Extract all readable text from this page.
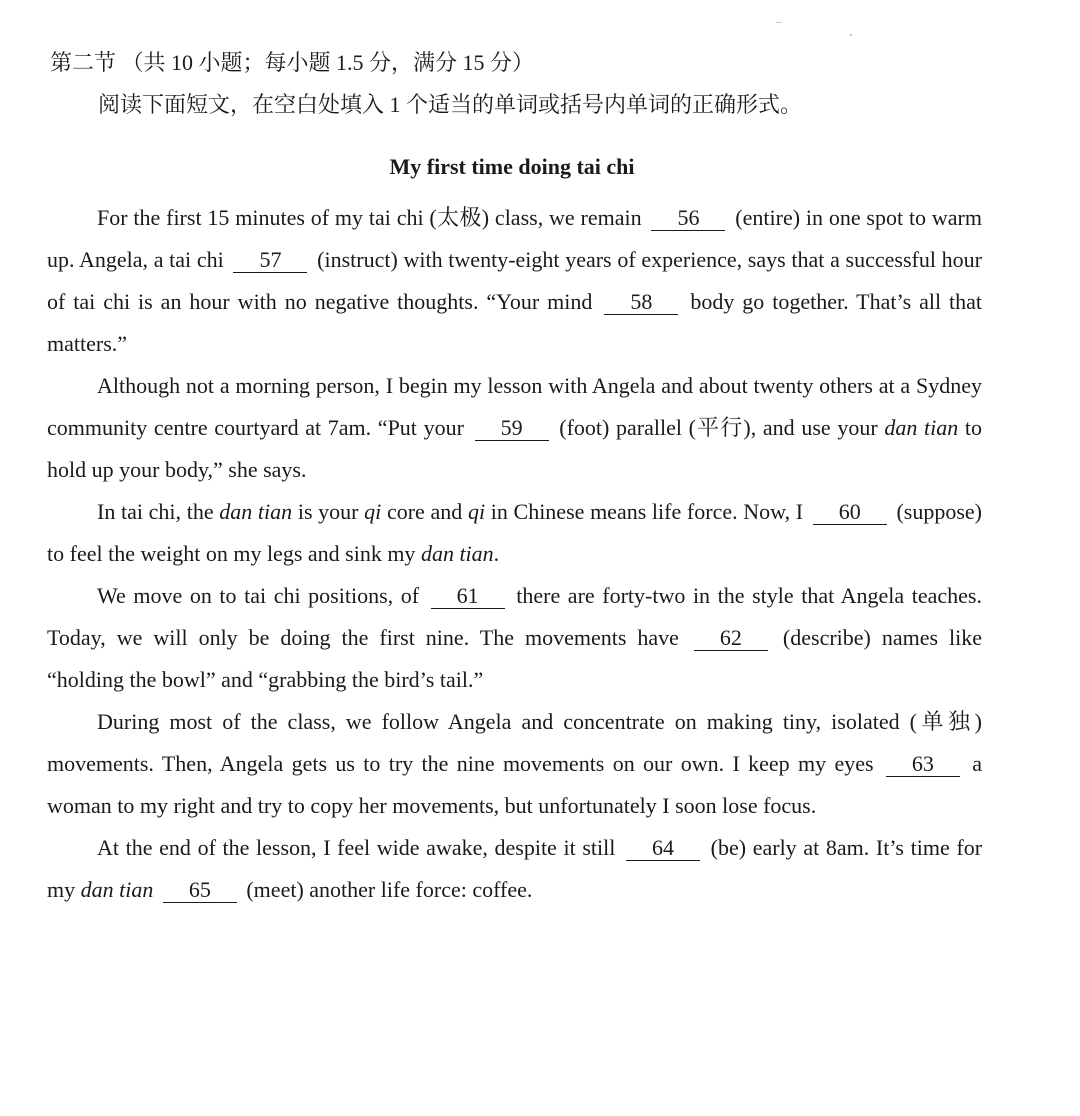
第二节 （共 10 小题；每小题 1.5 分，满分 15 分）
阅读下面短文，在空白处填入 1 个适当的单词或括号内单词的正确形式。
My first time doing tai chi

For the first 15 minutes of my tai chi (太极) class, we remain 56 (entire) in one spot to warm up. Angela, a tai chi 57 (instruct) with twenty-eight years of experience, says that a successful hour of tai chi is an hour with no negative thoughts. “Your mind 58 body go together. That’s all that matters.”

Although not a morning person, I begin my lesson with Angela and about twenty others at a Sydney community centre courtyard at 7am. “Put your 59 (foot) parallel (平行), and use your dan tian to hold up your body,” she says.

In tai chi, the dan tian is your qi core and qi in Chinese means life force. Now, I 60 (suppose) to feel the weight on my legs and sink my dan tian.

We move on to tai chi positions, of 61 there are forty-two in the style that Angela teaches. Today, we will only be doing the first nine. The movements have 62 (describe) names like “holding the bowl” and “grabbing the bird’s tail.”

During most of the class, we follow Angela and concentrate on making tiny, isolated (单独) movements. Then, Angela gets us to try the nine movements on our own. I keep my eyes 63 a woman to my right and try to copy her movements, but unfortunately I soon lose focus.

At the end of the lesson, I feel wide awake, despite it still 64 (be) early at 8am. It’s time for my dan tian 65 (meet) another life force: coffee.
